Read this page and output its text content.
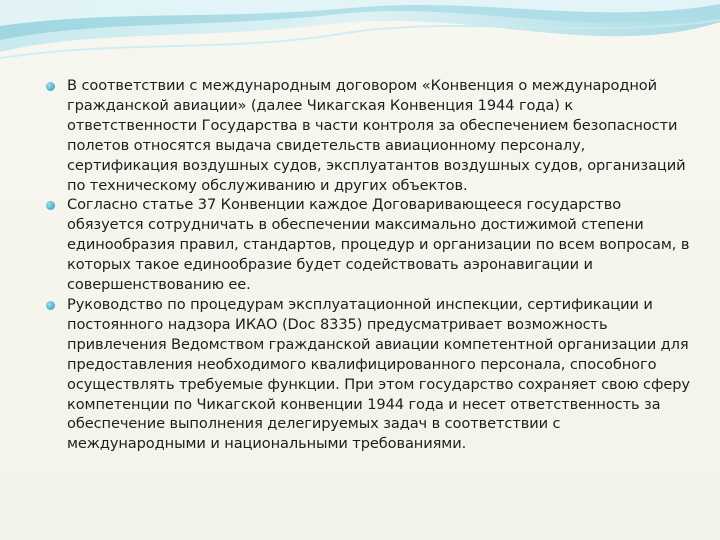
В соответствии с международным договором «Конвенция о международной гражданской авиации» (далее Чикагская Конвенция 1944 года) к ответственности Государства в части контроля за обеспечением безопасности полетов относятся выдача свидетельств авиационному персоналу, сертификация воздушных судов, эксплуатантов воздушных судов, организаций по техническому обслуживанию и других объектов.
Согласно статье 37 Конвенции каждое Договаривающееся государство обязуется сотрудничать в обеспечении максимально достижимой степени единообразия правил, стандартов, процедур и организации по всем вопросам, в которых такое единообразие будет содействовать аэронавигации и совершенствованию ее.
Руководство по процедурам эксплуатационной инспекции, сертификации и постоянного надзора ИКАО (Doc 8335) предусматривает возможность привлечения Ведомством гражданской авиации компетентной организации для предоставления необходимого квалифицированного персонала, способного осуществлять требуемые функции. При этом государство сохраняет свою сферу компетенции по Чикагской конвенции 1944 года и несет ответственность за обеспечение выполнения делегируемых задач в соответствии с международными и национальными требованиями.
